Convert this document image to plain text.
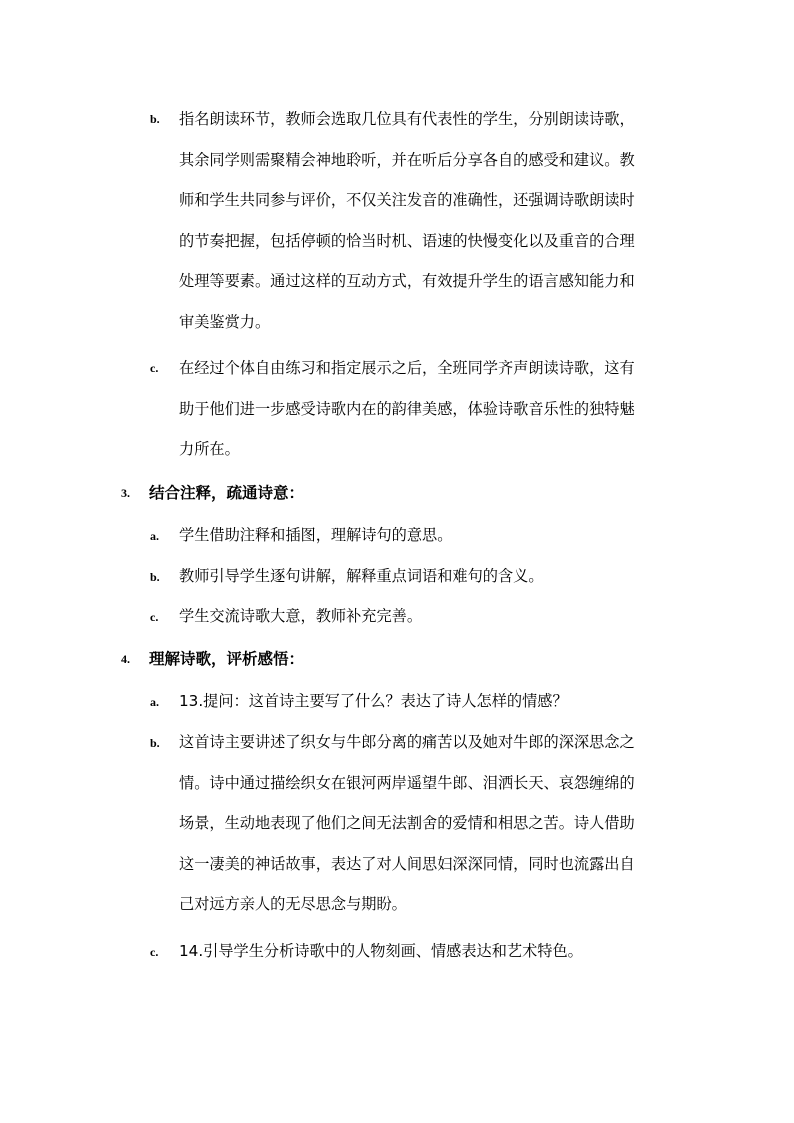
b. 指名朗读环节，教师会选取几位具有代表性的学生，分别朗读诗歌，
其余同学则需聚精会神地聆听，并在听后分享各自的感受和建议。教
师和学生共同参与评价，不仅关注发音的准确性，还强调诗歌朗读时
的节奏把握，包括停顿的恰当时机、语速的快慢变化以及重音的合理
处理等要素。通过这样的互动方式，有效提升学生的语言感知能力和
审美鉴赏力。
c. 在经过个体自由练习和指定展示之后，全班同学齐声朗读诗歌，这有
助于他们进一步感受诗歌内在的韵律美感，体验诗歌音乐性的独特魅
力所在。
3. 结合注释，疏通诗意：
a. 学生借助注释和插图，理解诗句的意思。
b. 教师引导学生逐句讲解，解释重点词语和难句的含义。
c. 学生交流诗歌大意，教师补充完善。
4. 理解诗歌，评析感悟：
a. 13.提问：这首诗主要写了什么？表达了诗人怎样的情感？
b. 这首诗主要讲述了织女与牛郎分离的痛苦以及她对牛郎的深深思念之
情。诗中通过描绘织女在银河两岸遥望牛郎、泪洒长天、哀怨缠绵的
场景，生动地表现了他们之间无法割舍的爱情和相思之苦。诗人借助
这一凄美的神话故事，表达了对人间思妇深深同情，同时也流露出自
己对远方亲人的无尽思念与期盼。
c. 14.引导学生分析诗歌中的人物刻画、情感表达和艺术特色。
